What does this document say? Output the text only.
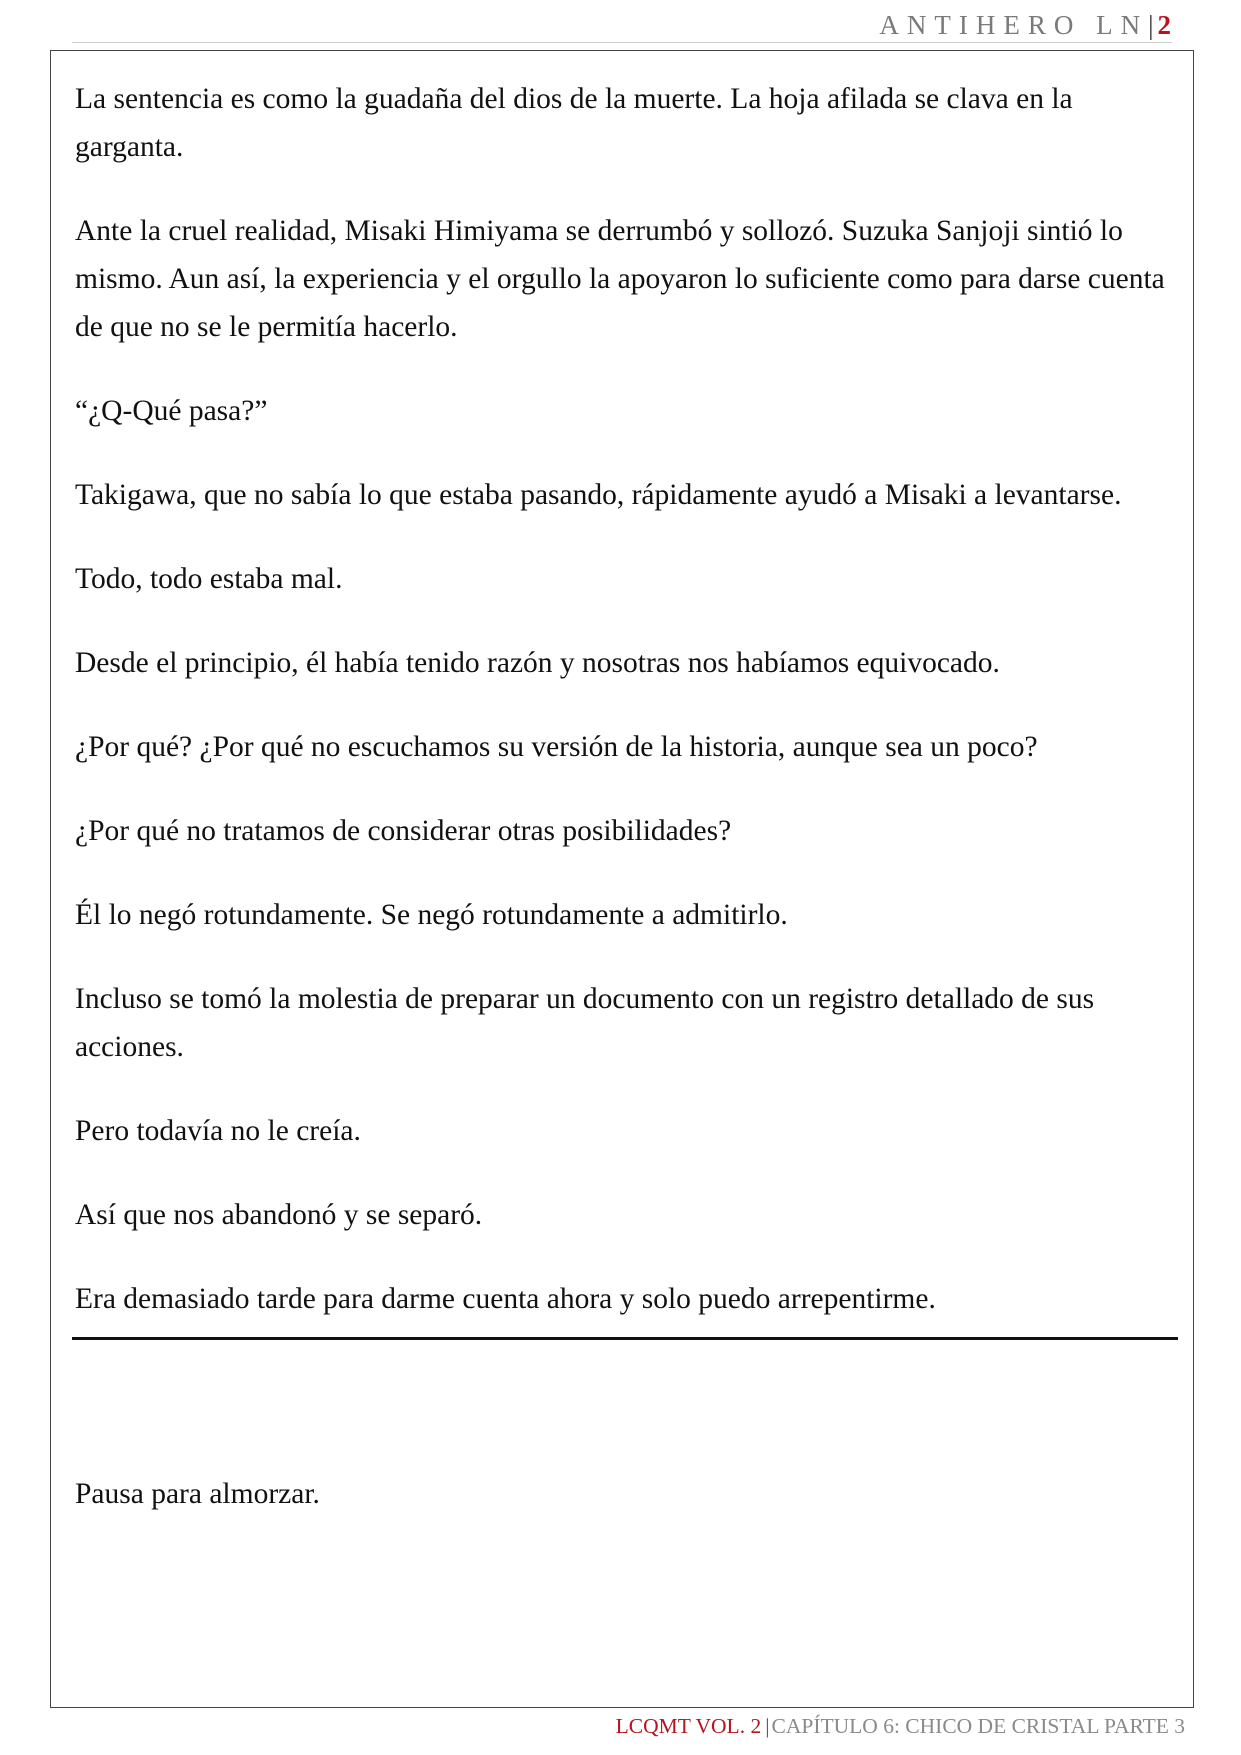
ANTIHERO LN | 2

La sentencia es como la guadaña del dios de la muerte. La hoja afilada se clava en la garganta.

Ante la cruel realidad, Misaki Himiyama se derrumbó y sollozó. Suzuka Sanjoji sintió lo mismo. Aun así, la experiencia y el orgullo la apoyaron lo suficiente como para darse cuenta de que no se le permitía hacerlo.

“¿Q-Qué pasa?”

Takigawa, que no sabía lo que estaba pasando, rápidamente ayudó a Misaki a levantarse.

Todo, todo estaba mal.

Desde el principio, él había tenido razón y nosotras nos habíamos equivocado.

¿Por qué? ¿Por qué no escuchamos su versión de la historia, aunque sea un poco?

¿Por qué no tratamos de considerar otras posibilidades?

Él lo negó rotundamente. Se negó rotundamente a admitirlo.

Incluso se tomó la molestia de preparar un documento con un registro detallado de sus acciones.

Pero todavía no le creía.

Así que nos abandonó y se separó.

Era demasiado tarde para darme cuenta ahora y solo puedo arrepentirme.

Pausa para almorzar.

LCQMT VOL. 2 |CAPÍTULO 6: CHICO DE CRISTAL PARTE 3
